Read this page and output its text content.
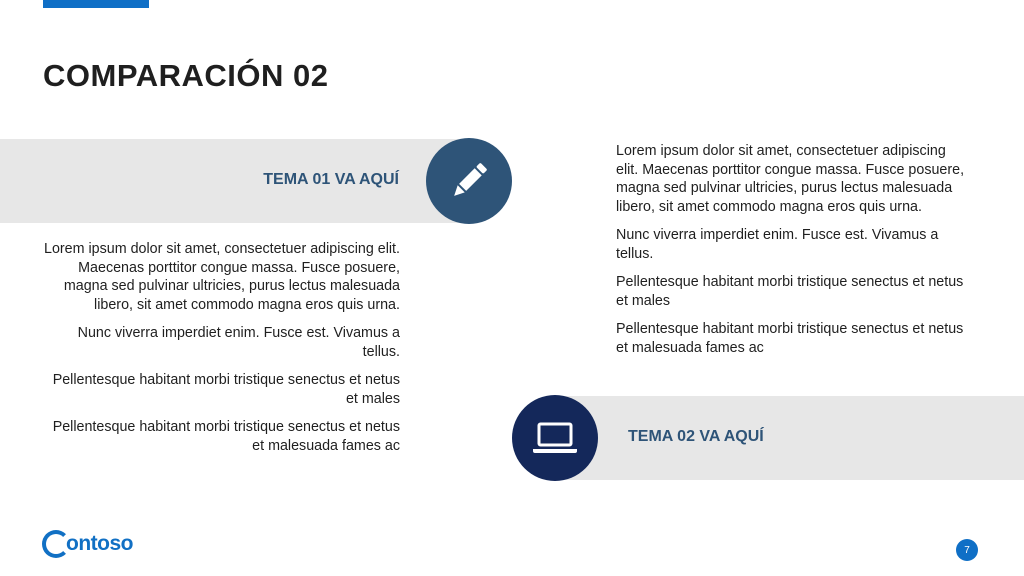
COMPARACIÓN 02
TEMA 01 VA AQUÍ

Lorem ipsum dolor sit amet, consectetuer adipiscing elit. Maecenas porttitor congue massa. Fusce posuere, magna sed pulvinar ultricies, purus lectus malesuada libero, sit amet commodo magna eros quis urna.

Nunc viverra imperdiet enim. Fusce est. Vivamus a tellus.

Pellentesque habitant morbi tristique senectus et netus et males

Pellentesque habitant morbi tristique senectus et netus et malesuada fames ac

Lorem ipsum dolor sit amet, consectetuer adipiscing elit. Maecenas porttitor congue massa. Fusce posuere, magna sed pulvinar ultricies, purus lectus malesuada libero, sit amet commodo magna eros quis urna.

Nunc viverra imperdiet enim. Fusce est. Vivamus a tellus.

Pellentesque habitant morbi tristique senectus et netus et males

Pellentesque habitant morbi tristique senectus et netus et malesuada fames ac

TEMA 02 VA AQUÍ
ontoso	7
